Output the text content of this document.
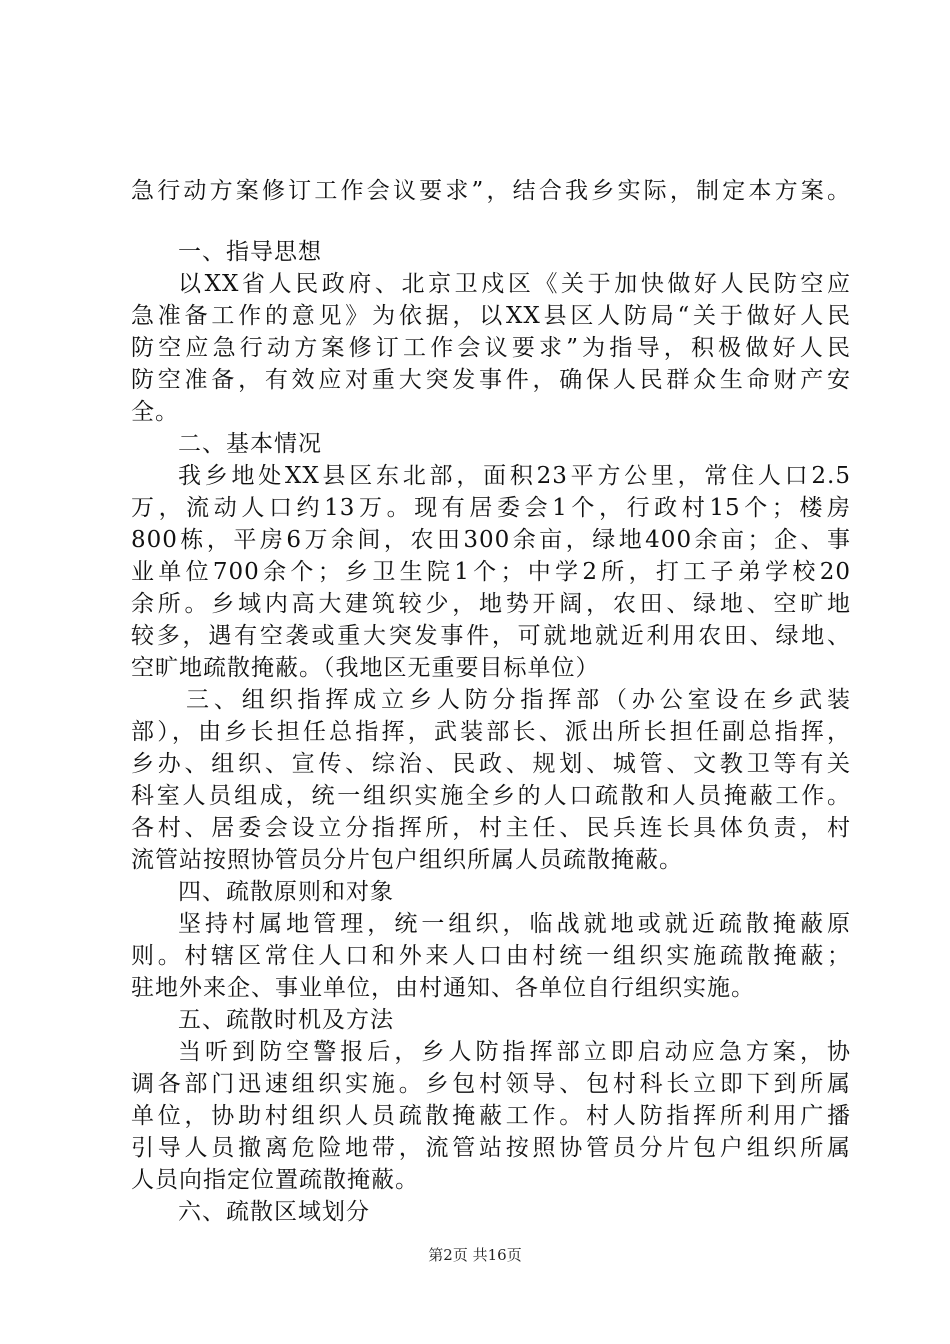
急行动方案修订工作会议要求”，结合我乡实际，制定本方案。
一、指导思想
以XX省人民政府、北京卫戍区《关于加快做好人民防空应
急准备工作的意见》为依据，以XX县区人防局“关于做好人民
防空应急行动方案修订工作会议要求”为指导，积极做好人民
防空准备，有效应对重大突发事件，确保人民群众生命财产安
全。
二、基本情况
我乡地处XX县区东北部，面积23平方公里，常住人口2.5
万，流动人口约13万。现有居委会1个，行政村15个；楼房
800栋，平房6万余间，农田300余亩，绿地400余亩；企、事
业单位700余个；乡卫生院1个；中学2所，打工子弟学校20
余所。乡域内高大建筑较少，地势开阔，农田、绿地、空旷地
较多，遇有空袭或重大突发事件，可就地就近利用农田、绿地、
空旷地疏散掩蔽。（我地区无重要目标单位）
三、组织指挥成立乡人防分指挥部（办公室设在乡武装
部），由乡长担任总指挥，武装部长、派出所长担任副总指挥，
乡办、组织、宣传、综治、民政、规划、城管、文教卫等有关
科室人员组成，统一组织实施全乡的人口疏散和人员掩蔽工作。
各村、居委会设立分指挥所，村主任、民兵连长具体负责，村
流管站按照协管员分片包户组织所属人员疏散掩蔽。
四、疏散原则和对象
坚持村属地管理，统一组织，临战就地或就近疏散掩蔽原
则。村辖区常住人口和外来人口由村统一组织实施疏散掩蔽；
驻地外来企、事业单位，由村通知、各单位自行组织实施。
五、疏散时机及方法
当听到防空警报后，乡人防指挥部立即启动应急方案，协
调各部门迅速组织实施。乡包村领导、包村科长立即下到所属
单位，协助村组织人员疏散掩蔽工作。村人防指挥所利用广播
引导人员撤离危险地带，流管站按照协管员分片包户组织所属
人员向指定位置疏散掩蔽。
六、疏散区域划分
第2页 共16页
